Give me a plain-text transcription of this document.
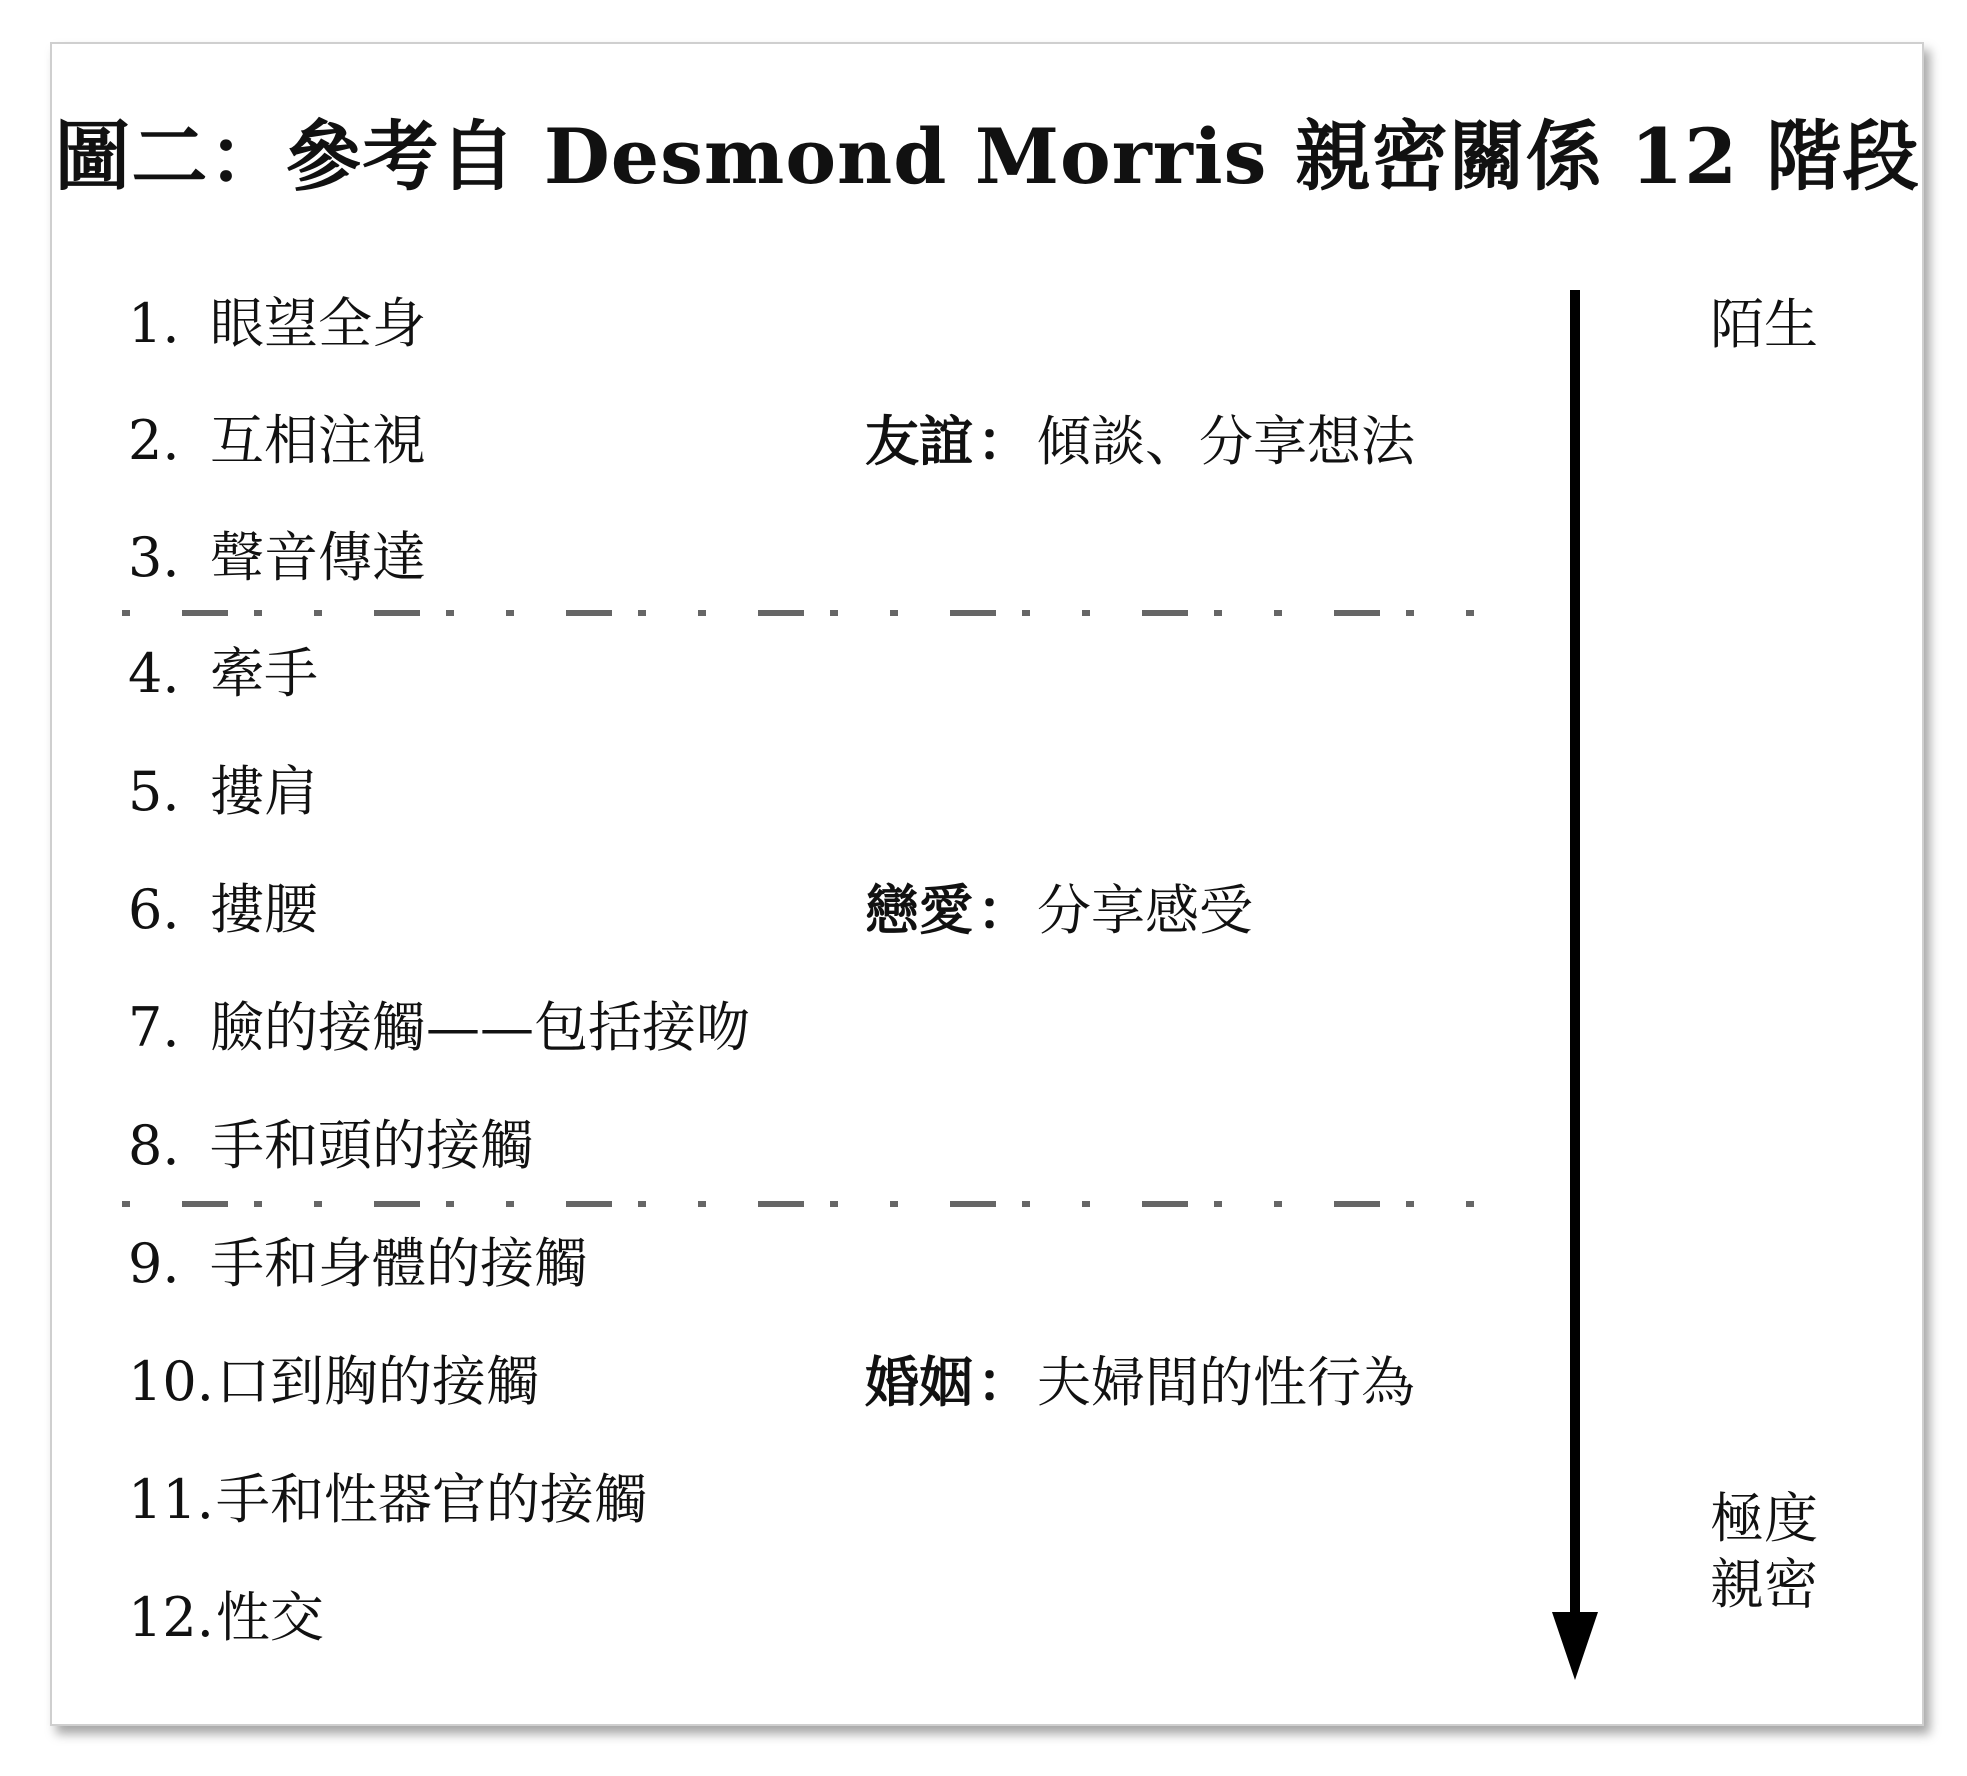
圖二：參考自 Desmond Morris 親密關係 12 階段
1. 眼望全身
2. 互相注視
3. 聲音傳達
4. 牽手
5. 摟肩
6. 摟腰
7. 臉的接觸——包括接吻
8. 手和頭的接觸
9. 手和身體的接觸
10. 口到胸的接觸
11. 手和性器官的接觸
12. 性交
友誼： 傾談、分享想法
戀愛： 分享感受
婚姻： 夫婦間的性行為
陌生
極度
親密
